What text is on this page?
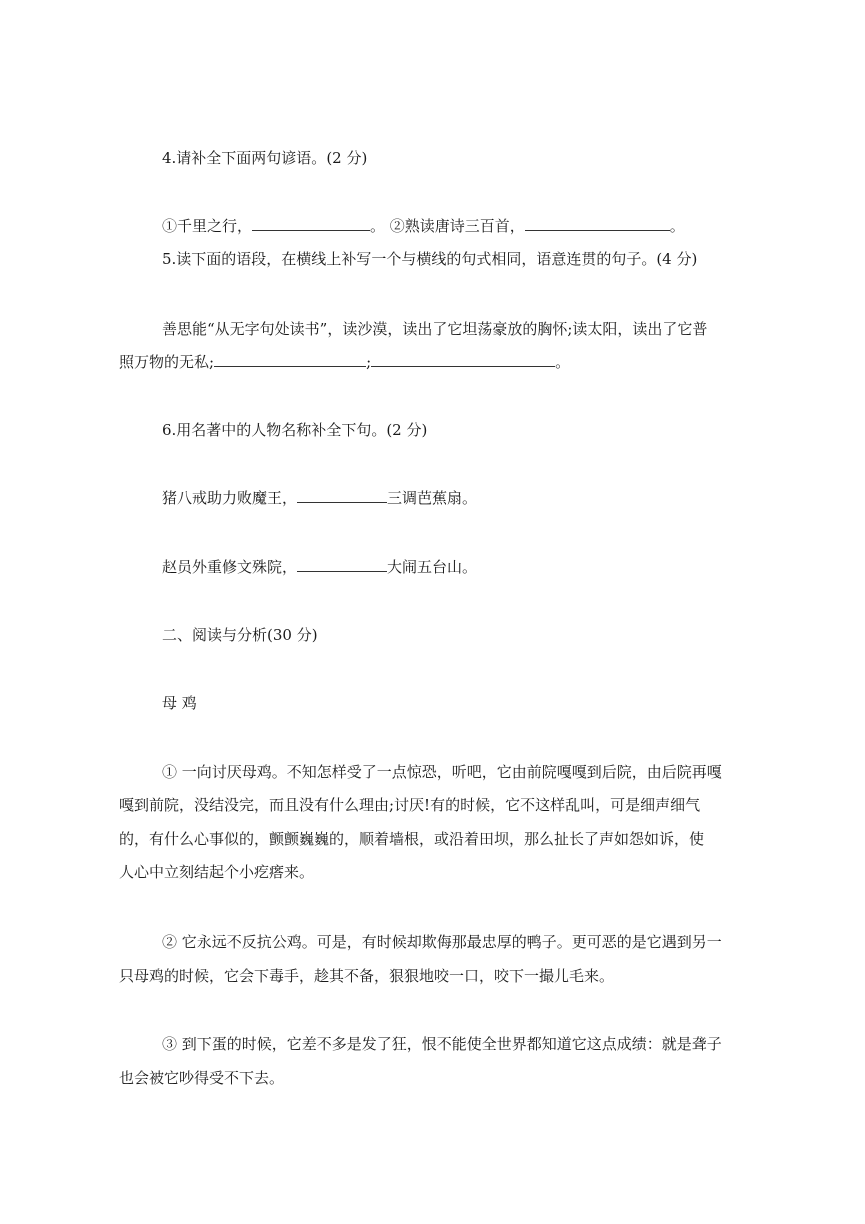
4.请补全下面两句谚语。(2 分)
①千里之行，	。 ②熟读唐诗三百首，	。
5.读下面的语段，在横线上补写一个与横线的句式相同，语意连贯的句子。(4 分)
善思能“从无字句处读书”，读沙漠，读出了它坦荡豪放的胸怀;读太阳，读出了它普
照万物的无私;	;	。
6.用名著中的人物名称补全下句。(2 分)
猪八戒助力败魔王，	三调芭蕉扇。
赵员外重修文殊院，	大闹五台山。
二、阅读与分析(30 分)
母 鸡
① 一向讨厌母鸡。不知怎样受了一点惊恐，听吧，它由前院嘎嘎到后院，由后院再嘎
嘎到前院，没结没完，而且没有什么理由;讨厌!有的时候，它不这样乱叫，可是细声细气
的，有什么心事似的，颤颤巍巍的，顺着墙根，或沿着田坝，那么扯长了声如怨如诉，使
人心中立刻结起个小疙瘩来。
② 它永远不反抗公鸡。可是，有时候却欺侮那最忠厚的鸭子。更可恶的是它遇到另一
只母鸡的时候，它会下毒手，趁其不备，狠狠地咬一口，咬下一撮儿毛来。
③ 到下蛋的时候，它差不多是发了狂，恨不能使全世界都知道它这点成绩：就是聋子
也会被它吵得受不下去。
